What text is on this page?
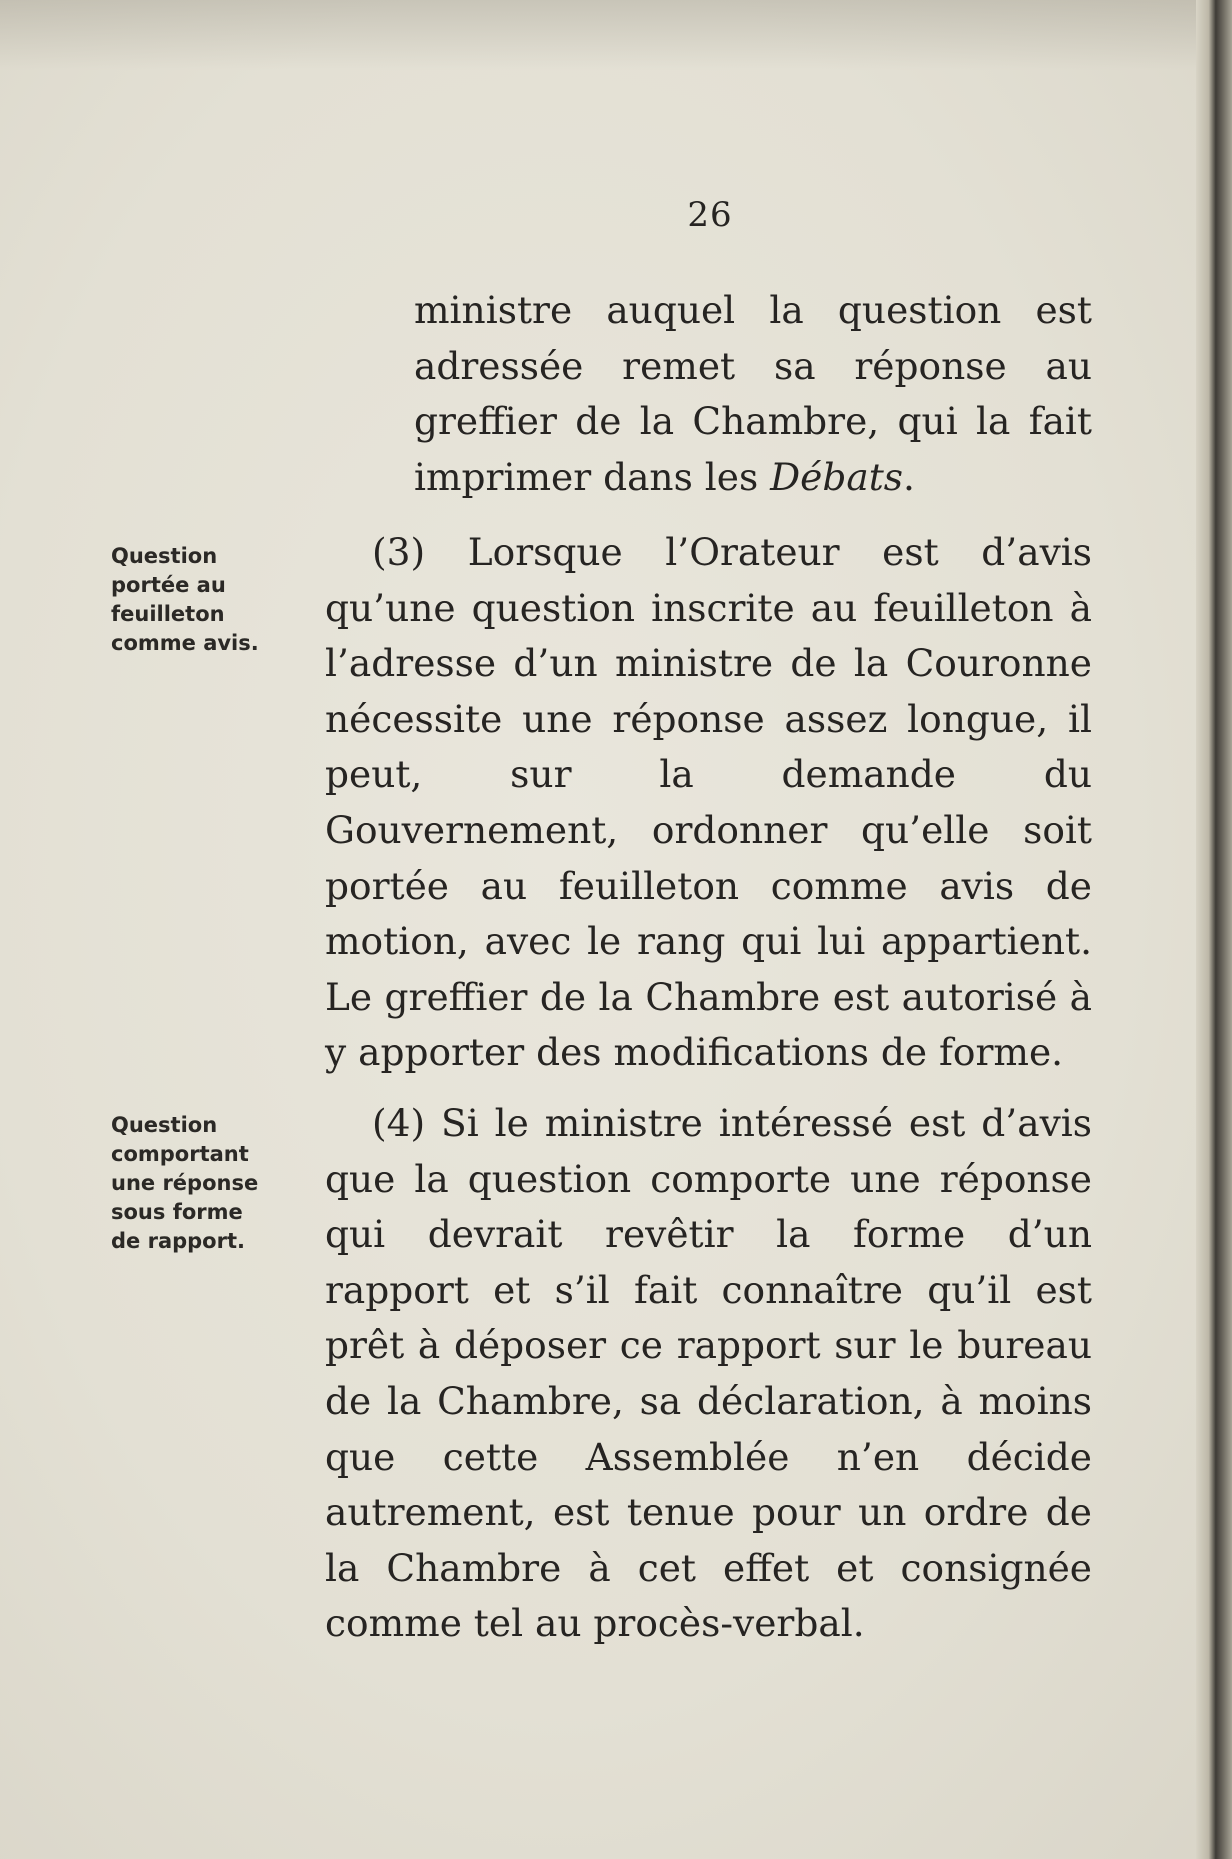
26
ministre auquel la question est adressée remet sa réponse au greffier de la Chambre, qui la fait imprimer dans les Débats.
Question
portée au
feuilleton
comme avis.
(3) Lorsque l’Orateur est d’avis qu’une question inscrite au feuilleton à l’adresse d’un ministre de la Couronne nécessite une réponse assez longue, il peut, sur la demande du Gouvernement, ordonner qu’elle soit portée au feuilleton comme avis de motion, avec le rang qui lui appartient. Le greffier de la Chambre est autorisé à y apporter des modifications de forme.
Question
comportant
une réponse
sous forme
de rapport.
(4) Si le ministre intéressé est d’avis que la question comporte une réponse qui devrait revêtir la forme d’un rapport et s’il fait connaître qu’il est prêt à déposer ce rapport sur le bureau de la Chambre, sa déclaration, à moins que cette Assemblée n’en décide autrement, est tenue pour un ordre de la Chambre à cet effet et consignée comme tel au procès-verbal.
